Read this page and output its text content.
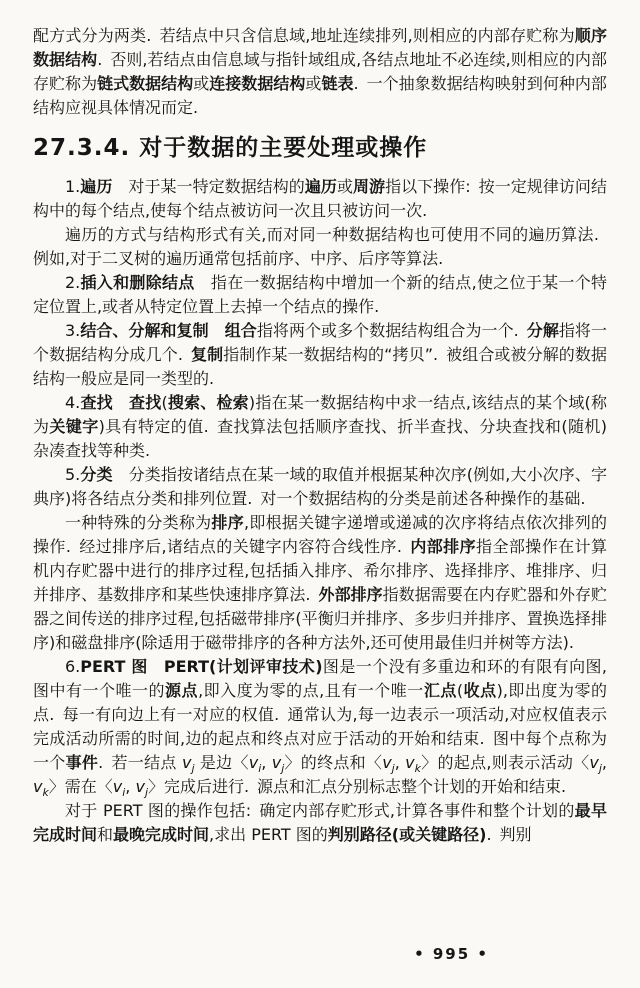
配方式分为两类. 若结点中只含信息域,地址连续排列,则相应的内部存贮称为顺序数据结构. 否则,若结点由信息域与指针域组成,各结点地址不必连续,则相应的内部存贮称为链式数据结构或连接数据结构或链表. 一个抽象数据结构映射到何种内部结构应视具体情况而定.

27.3.4. 对于数据的主要处理或操作

1.遍历 对于某一特定数据结构的遍历或周游指以下操作: 按一定规律访问结构中的每个结点,使每个结点被访问一次且只被访问一次.

遍历的方式与结构形式有关,而对同一种数据结构也可使用不同的遍历算法. 例如,对于二叉树的遍历通常包括前序、中序、后序等算法.

2.插入和删除结点 指在一数据结构中增加一个新的结点,使之位于某一个特定位置上,或者从特定位置上去掉一个结点的操作.

3.结合、分解和复制  组合指将两个或多个数据结构组合为一个. 分解指将一个数据结构分成几个. 复制指制作某一数据结构的“拷贝”. 被组合或被分解的数据结构一般应是同一类型的.

4.查找  查找(搜索、检索)指在某一数据结构中求一结点,该结点的某个域(称为关键字)具有特定的值. 查找算法包括顺序查找、折半查找、分块查找和(随机)杂凑查找等种类.

5.分类 分类指按诸结点在某一域的取值并根据某种次序(例如,大小次序、字典序)将各结点分类和排列位置. 对一个数据结构的分类是前述各种操作的基础.

一种特殊的分类称为排序,即根据关键字递增或递减的次序将结点依次排列的操作. 经过排序后,诸结点的关键字内容符合线性序. 内部排序指全部操作在计算机内存贮器中进行的排序过程,包括插入排序、希尔排序、选择排序、堆排序、归并排序、基数排序和某些快速排序算法. 外部排序指数据需要在内存贮器和外存贮器之间传送的排序过程,包括磁带排序(平衡归并排序、多步归并排序、置换选择排序)和磁盘排序(除适用于磁带排序的各种方法外,还可使用最佳归并树等方法).

6.PERT 图  PERT(计划评审技术)图是一个没有多重边和环的有限有向图,图中有一个唯一的源点,即入度为零的点,且有一个唯一汇点(收点),即出度为零的点. 每一有向边上有一对应的权值. 通常认为,每一边表示一项活动,对应权值表示完成活动所需的时间,边的起点和终点对应于活动的开始和结束. 图中每个点称为一个事件. 若一结点 $v_j$ 是边〈$v_i$, $v_j$〉的终点和〈$v_j$, $v_k$〉的起点,则表示活动〈$v_j$, $v_k$〉需在〈$v_i$, $v_j$〉完成后进行. 源点和汇点分别标志整个计划的开始和结束.

对于 PERT 图的操作包括: 确定内部存贮形式,计算各事件和整个计划的最早完成时间和最晚完成时间,求出 PERT 图的判别路径(或关键路径). 判别

• 995 •
